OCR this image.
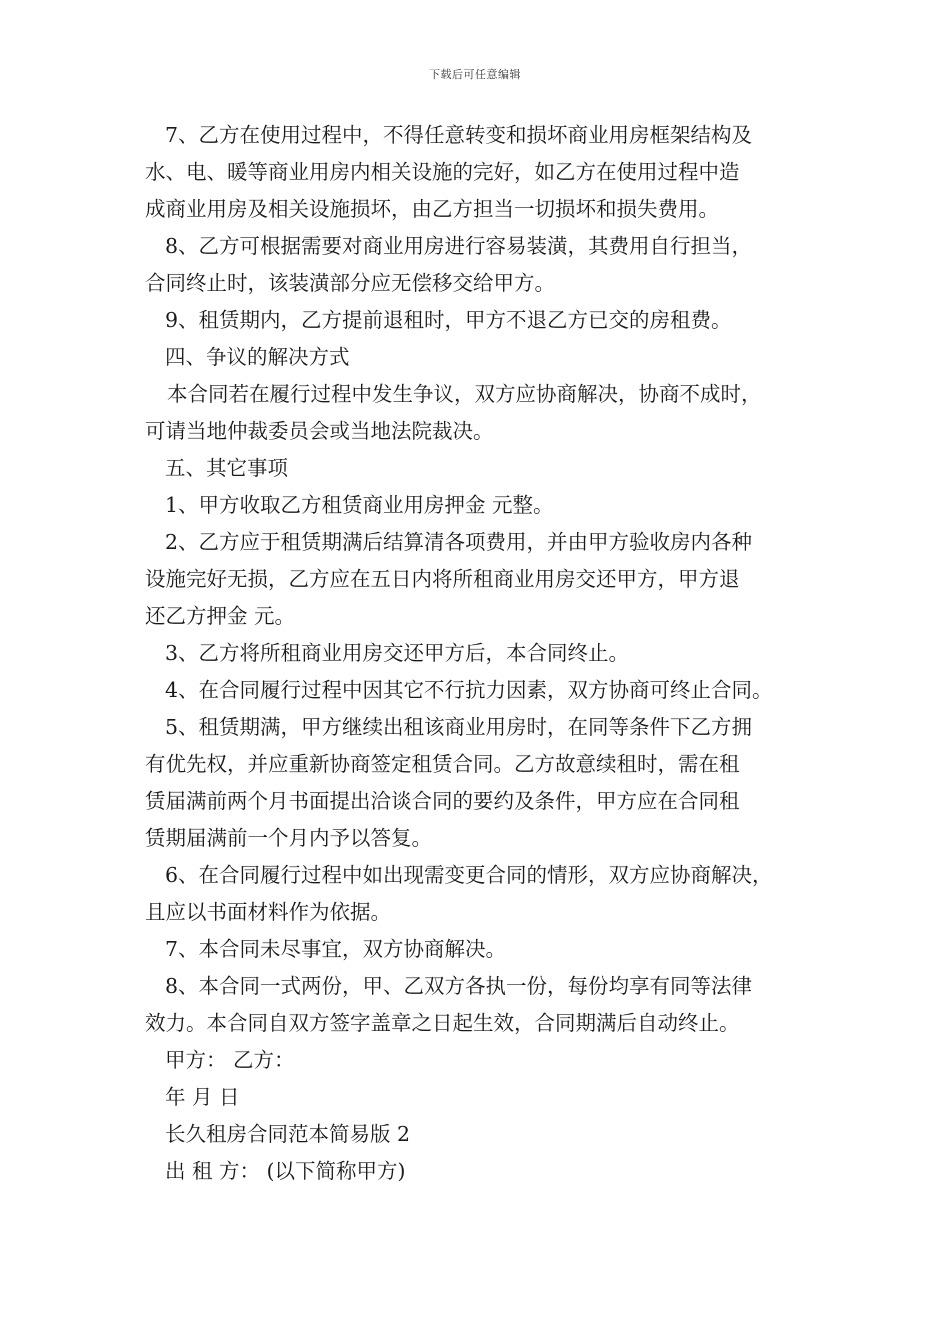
下载后可任意编辑
7、乙方在使用过程中，不得任意转变和损坏商业用房框架结构及
水、电、暖等商业用房内相关设施的完好，如乙方在使用过程中造
成商业用房及相关设施损坏，由乙方担当一切损坏和损失费用。
8、乙方可根据需要对商业用房进行容易装潢，其费用自行担当，
合同终止时，该装潢部分应无偿移交给甲方。
9、租赁期内，乙方提前退租时，甲方不退乙方已交的房租费。
四、争议的解决方式
本合同若在履行过程中发生争议，双方应协商解决，协商不成时，
可请当地仲裁委员会或当地法院裁决。
五、其它事项
1、甲方收取乙方租赁商业用房押金 元整。
2、乙方应于租赁期满后结算清各项费用，并由甲方验收房内各种
设施完好无损，乙方应在五日内将所租商业用房交还甲方，甲方退
还乙方押金 元。
3、乙方将所租商业用房交还甲方后，本合同终止。
4、在合同履行过程中因其它不行抗力因素，双方协商可终止合同。
5、租赁期满，甲方继续出租该商业用房时，在同等条件下乙方拥
有优先权，并应重新协商签定租赁合同。乙方故意续租时，需在租
赁届满前两个月书面提出洽谈合同的要约及条件，甲方应在合同租
赁期届满前一个月内予以答复。
6、在合同履行过程中如出现需变更合同的情形，双方应协商解决，
且应以书面材料作为依据。
7、本合同未尽事宜，双方协商解决。
8、本合同一式两份，甲、乙双方各执一份，每份均享有同等法律
效力。本合同自双方签字盖章之日起生效，合同期满后自动终止。
甲方： 乙方：
年 月 日
长久租房合同范本简易版 2
出 租 方： (以下简称甲方)
